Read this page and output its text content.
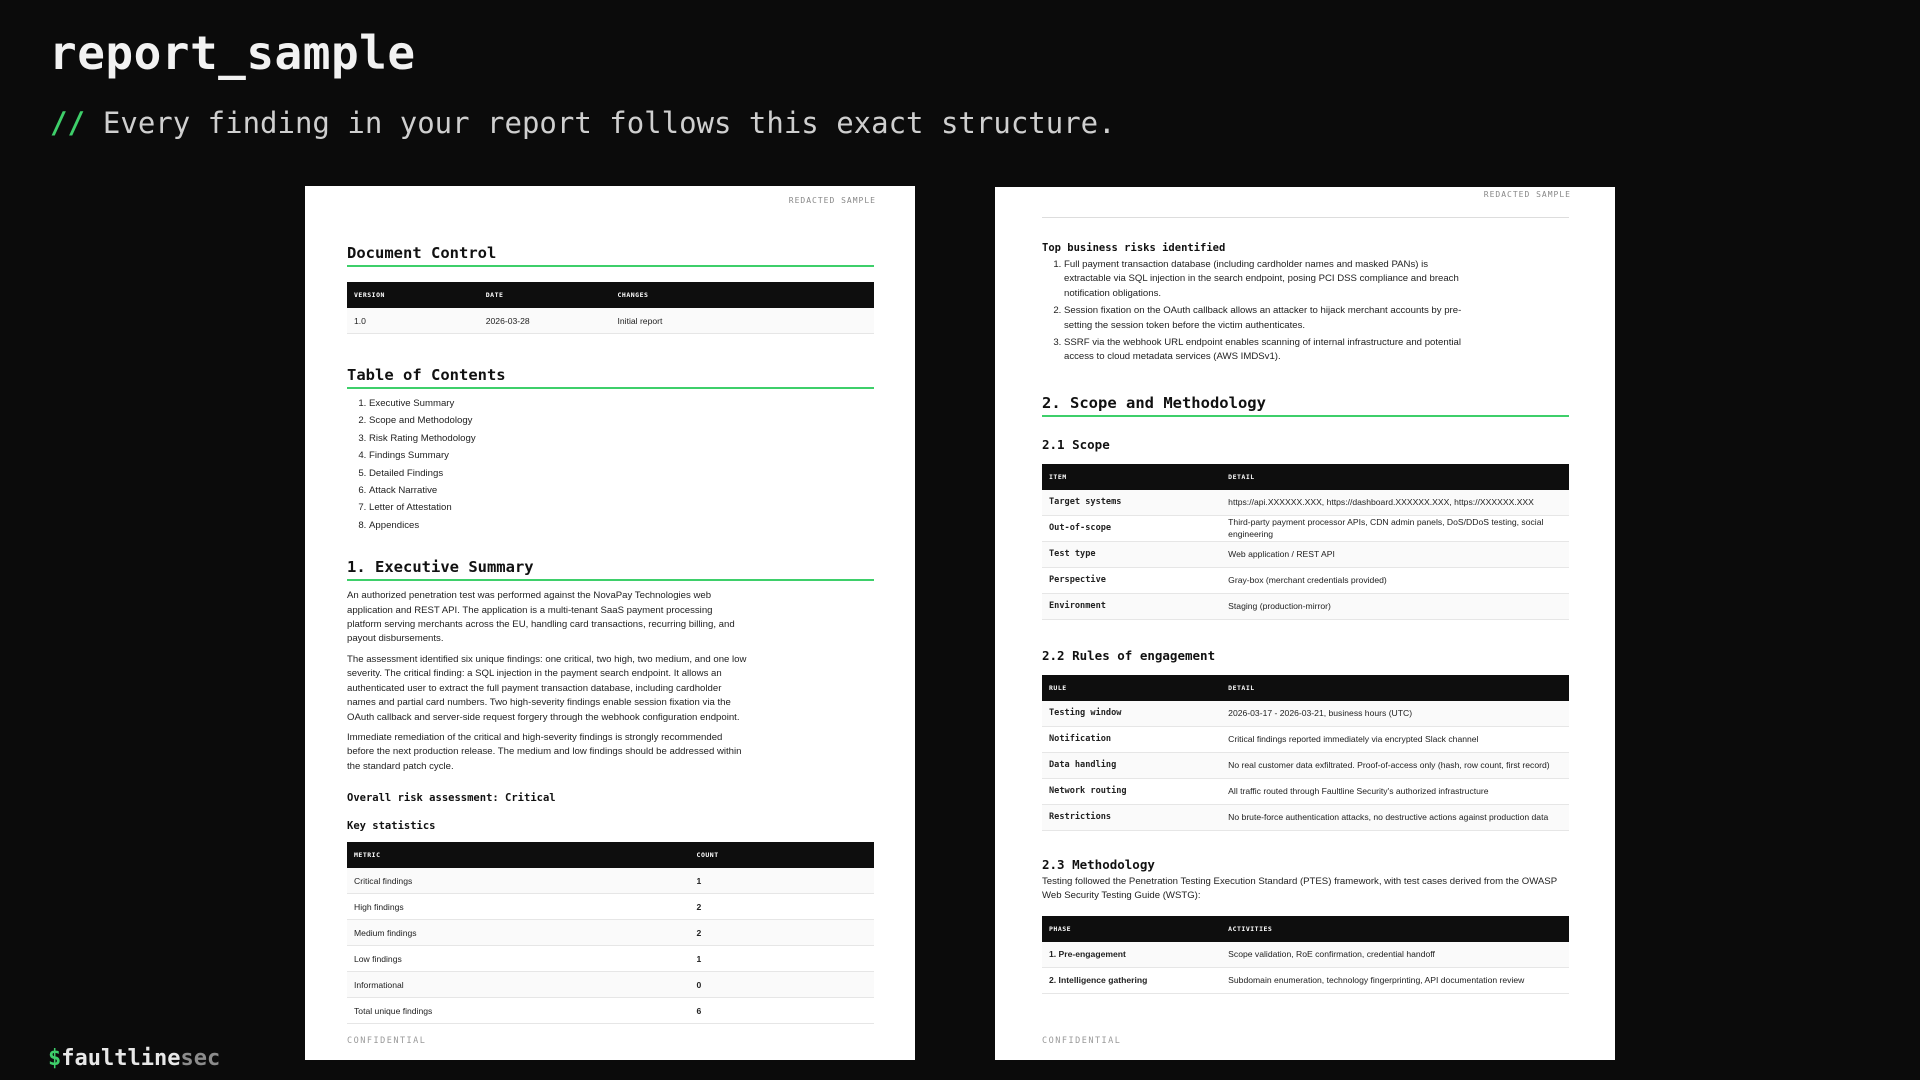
report_sample
// Every finding in your report follows this exact structure.
REDACTED SAMPLE
Document Control
VERSION	DATE	CHANGES
1.0	2026-03-28	Initial report
Table of Contents
1. Executive Summary
2. Scope and Methodology
3. Risk Rating Methodology
4. Findings Summary
5. Detailed Findings
6. Attack Narrative
7. Letter of Attestation
8. Appendices
1. Executive Summary

An authorized penetration test was performed against the NovaPay Technologies web application and REST API. The application is a multi-tenant SaaS payment processing platform serving merchants across the EU, handling card transactions, recurring billing, and payout disbursements.

The assessment identified six unique findings: one critical, two high, two medium, and one low severity. The critical finding: a SQL injection in the payment search endpoint. It allows an authenticated user to extract the full payment transaction database, including cardholder names and partial card numbers. Two high-severity findings enable session fixation via the OAuth callback and server-side request forgery through the webhook configuration endpoint.

Immediate remediation of the critical and high-severity findings is strongly recommended before the next production release. The medium and low findings should be addressed within the standard patch cycle.

Overall risk assessment: Critical
Key statistics
METRIC	COUNT
Critical findings	1
High findings	2
Medium findings	2
Low findings	1
Informational	0
Total unique findings	6
CONFIDENTIAL
REDACTED SAMPLE
Top business risks identified
1. Full payment transaction database (including cardholder names and masked PANs) is extractable via SQL injection in the search endpoint, posing PCI DSS compliance and breach notification obligations.
2. Session fixation on the OAuth callback allows an attacker to hijack merchant accounts by pre-setting the session token before the victim authenticates.
3. SSRF via the webhook URL endpoint enables scanning of internal infrastructure and potential access to cloud metadata services (AWS IMDSv1).
2. Scope and Methodology
2.1 Scope
ITEM	DETAIL
Target systems	https://api.XXXXXX.XXX, https://dashboard.XXXXXX.XXX, https://XXXXXX.XXX
Out-of-scope	Third-party payment processor APIs, CDN admin panels, DoS/DDoS testing, social engineering
Test type	Web application / REST API
Perspective	Gray-box (merchant credentials provided)
Environment	Staging (production-mirror)
2.2 Rules of engagement
RULE	DETAIL
Testing window	2026-03-17 - 2026-03-21, business hours (UTC)
Notification	Critical findings reported immediately via encrypted Slack channel
Data handling	No real customer data exfiltrated. Proof-of-access only (hash, row count, first record)
Network routing	All traffic routed through Faultline Security's authorized infrastructure
Restrictions	No brute-force authentication attacks, no destructive actions against production data
2.3 Methodology

Testing followed the Penetration Testing Execution Standard (PTES) framework, with test cases derived from the OWASP Web Security Testing Guide (WSTG):

PHASE	ACTIVITIES
1. Pre-engagement	Scope validation, RoE confirmation, credential handoff
2. Intelligence gathering	Subdomain enumeration, technology fingerprinting, API documentation review
CONFIDENTIAL
$faultlinesec
